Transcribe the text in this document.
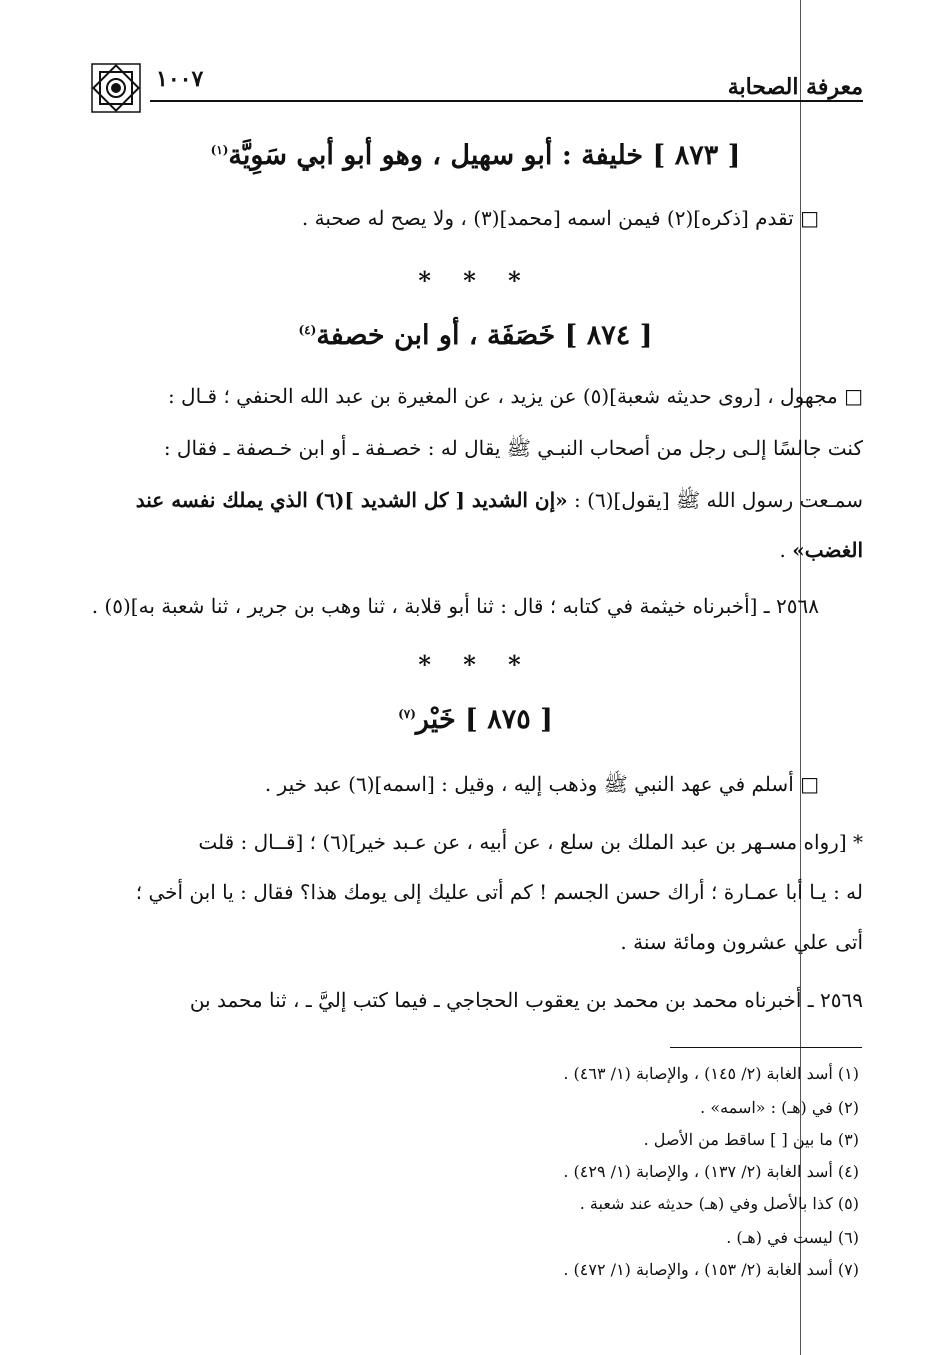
١٠٠٧	معرفة الصحابة
[ ٨٧٣ ] خليفة : أبو سهيل ، وهو أبو أبي سَوِيَّة$^{(١)}$
□ تقدم [ذكره](٢) فيمن اسمه [محمد](٣) ، ولا يصح له صحبة .
* * *
[ ٨٧٤ ] خَصَفَة ، أو ابن خصفة$^{(٤)}$
□ مجهول ، [روى حديثه شعبة](٥) عن يزيد ، عن المغيرة بن عبد الله الحنفي ؛ قـال :
كنت جالسًا إلـى رجل من أصحاب النبـي ﷺ يقال له : خصـفة ـ أو ابن خـصفة ـ فقال :
سمـعت رسول الله ﷺ [يقول](٦) : «إن الشديد [ كل الشديد ](٦) الذي يملك نفسه عند
الغضب» .
٢٥٦٨ ـ [أخبرناه خيثمة في كتابه ؛ قال : ثنا أبو قلابة ، ثنا وهب بن جرير ، ثنا شعبة به](٥) .
* * *
[ ٨٧٥ ] خَيْر$^{(٧)}$
□ أسلم في عهد النبي ﷺ وذهب إليه ، وقيل : [اسمه](٦) عبد خير .
* [رواه مسـهر بن عبد الملك بن سلع ، عن أبيه ، عن عـبد خير](٦) ؛ [قــال : قلت
له : يـا أبا عمـارة ؛ أراك حسن الجسم ! كم أتى عليك إلى يومك هذا؟ فقال : يا ابن أخي ؛
أتى علي عشرون ومائة سنة .
٢٥٦٩ ـ أخبرناه محمد بن محمد بن يعقوب الحجاجي ـ فيما كتب إليَّ ـ ، ثنا محمد بن
(١) أسد الغابة (٢/ ١٤٥) ، والإصابة (١/ ٤٦٣) .
(٢) في (هـ) : «اسمه» .
(٣) ما بين [ ] ساقط من الأصل .
(٤) أسد الغابة (٢/ ١٣٧) ، والإصابة (١/ ٤٢٩) .
(٥) كذا بالأصل وفي (هـ) حديثه عند شعبة .
(٦) ليست في (هـ) .
(٧) أسد الغابة (٢/ ١٥٣) ، والإصابة (١/ ٤٧٢) .
